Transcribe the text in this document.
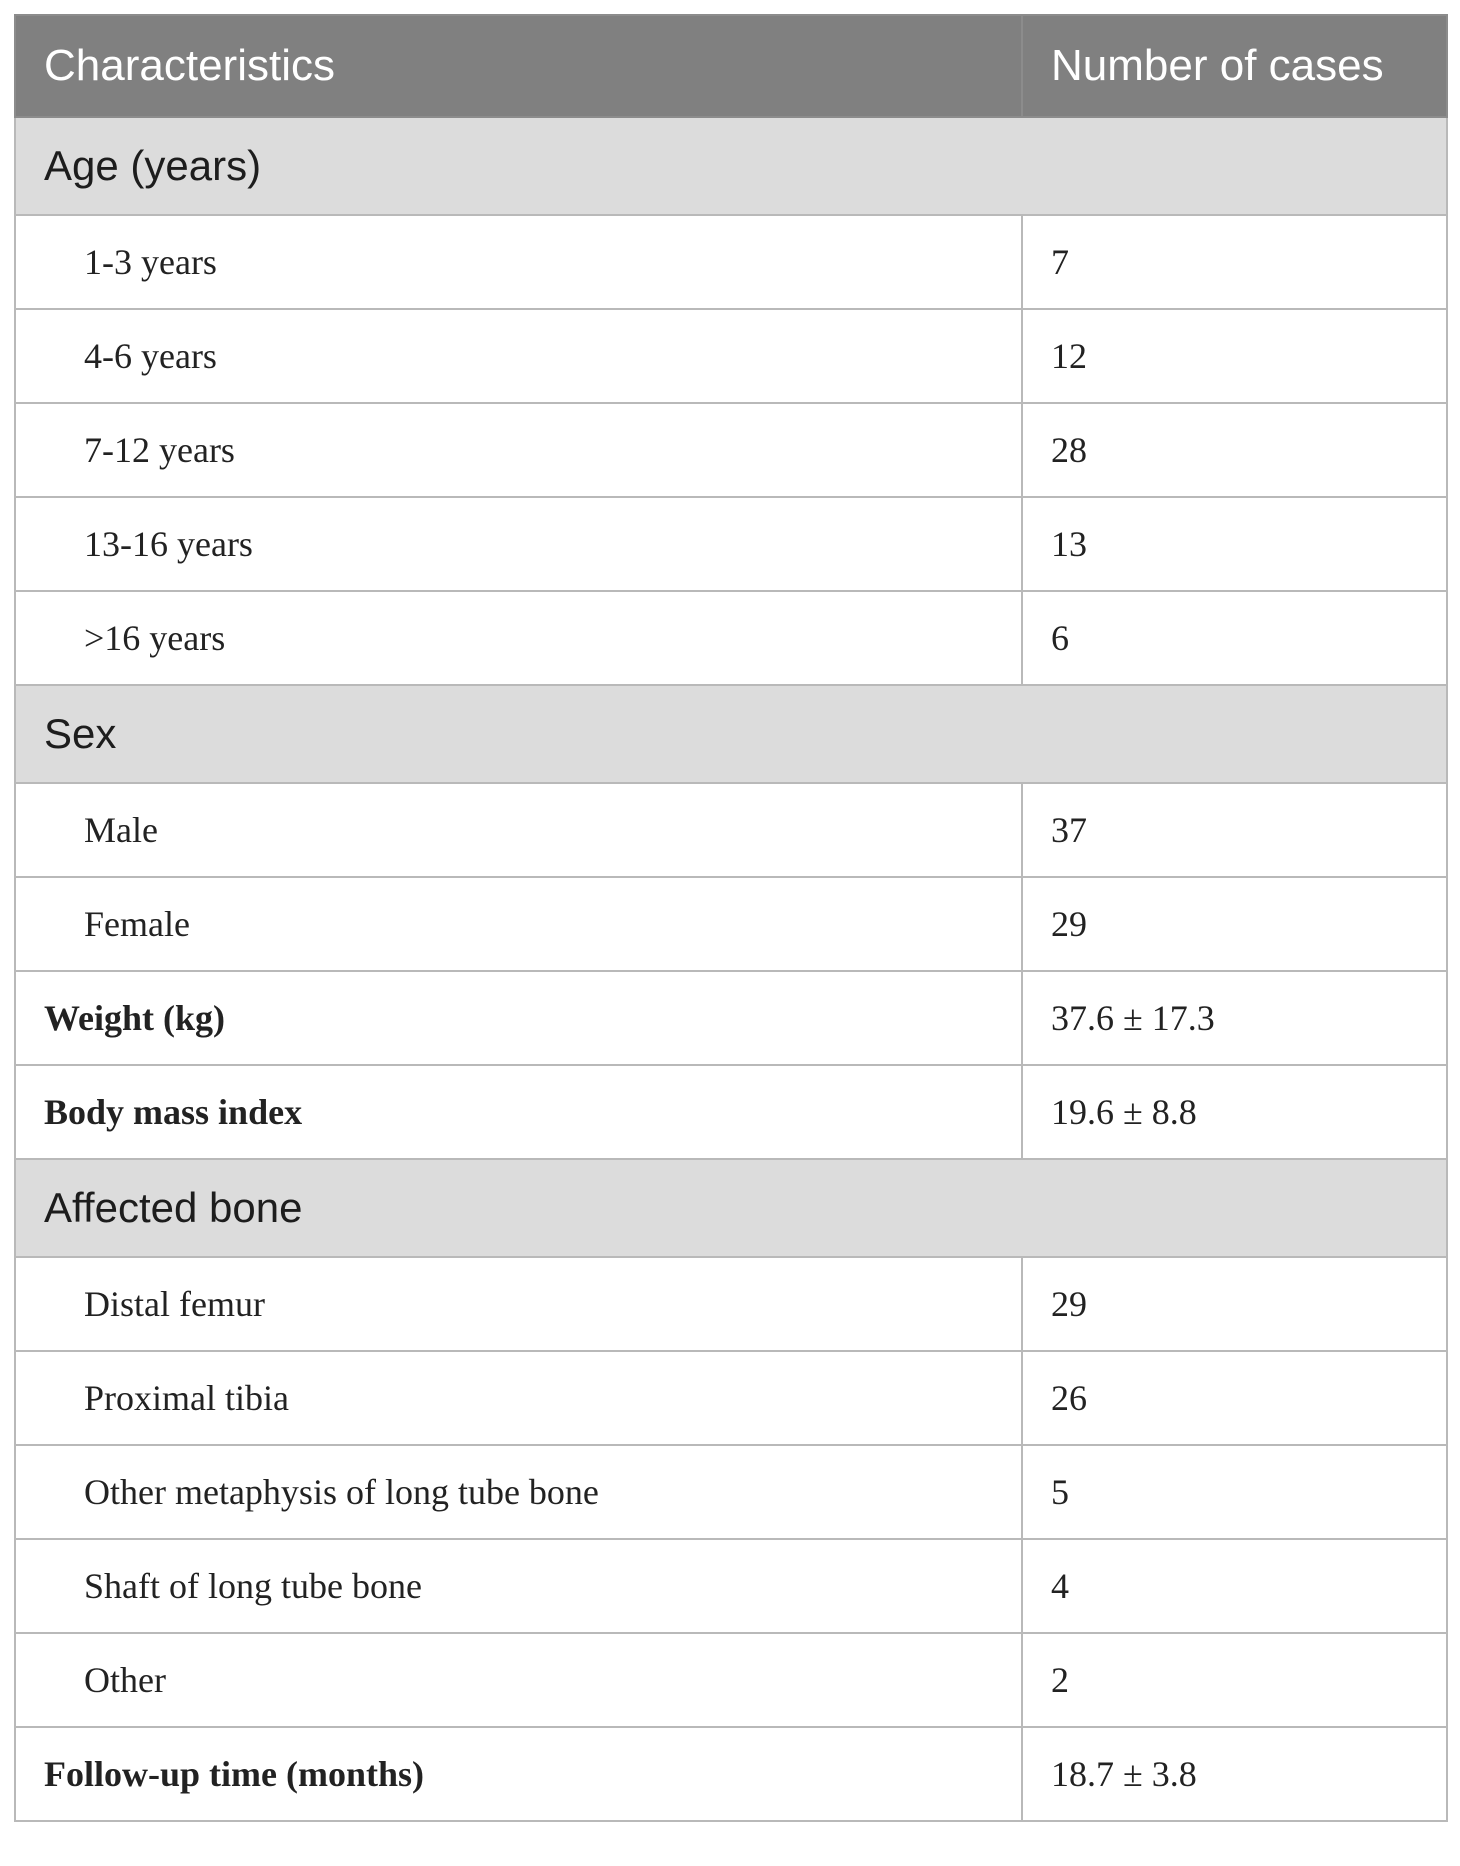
Characteristics	Number of cases
Age (years)	
1-3 years	7
4-6 years	12
7-12 years	28
13-16 years	13
>16 years	6
Sex	
Male	37
Female	29
Weight (kg)	37.6 ± 17.3
Body mass index	19.6 ± 8.8
Affected bone	
Distal femur	29
Proximal tibia	26
Other metaphysis of long tube bone	5
Shaft of long tube bone	4
Other	2
Follow-up time (months)	18.7 ± 3.8
